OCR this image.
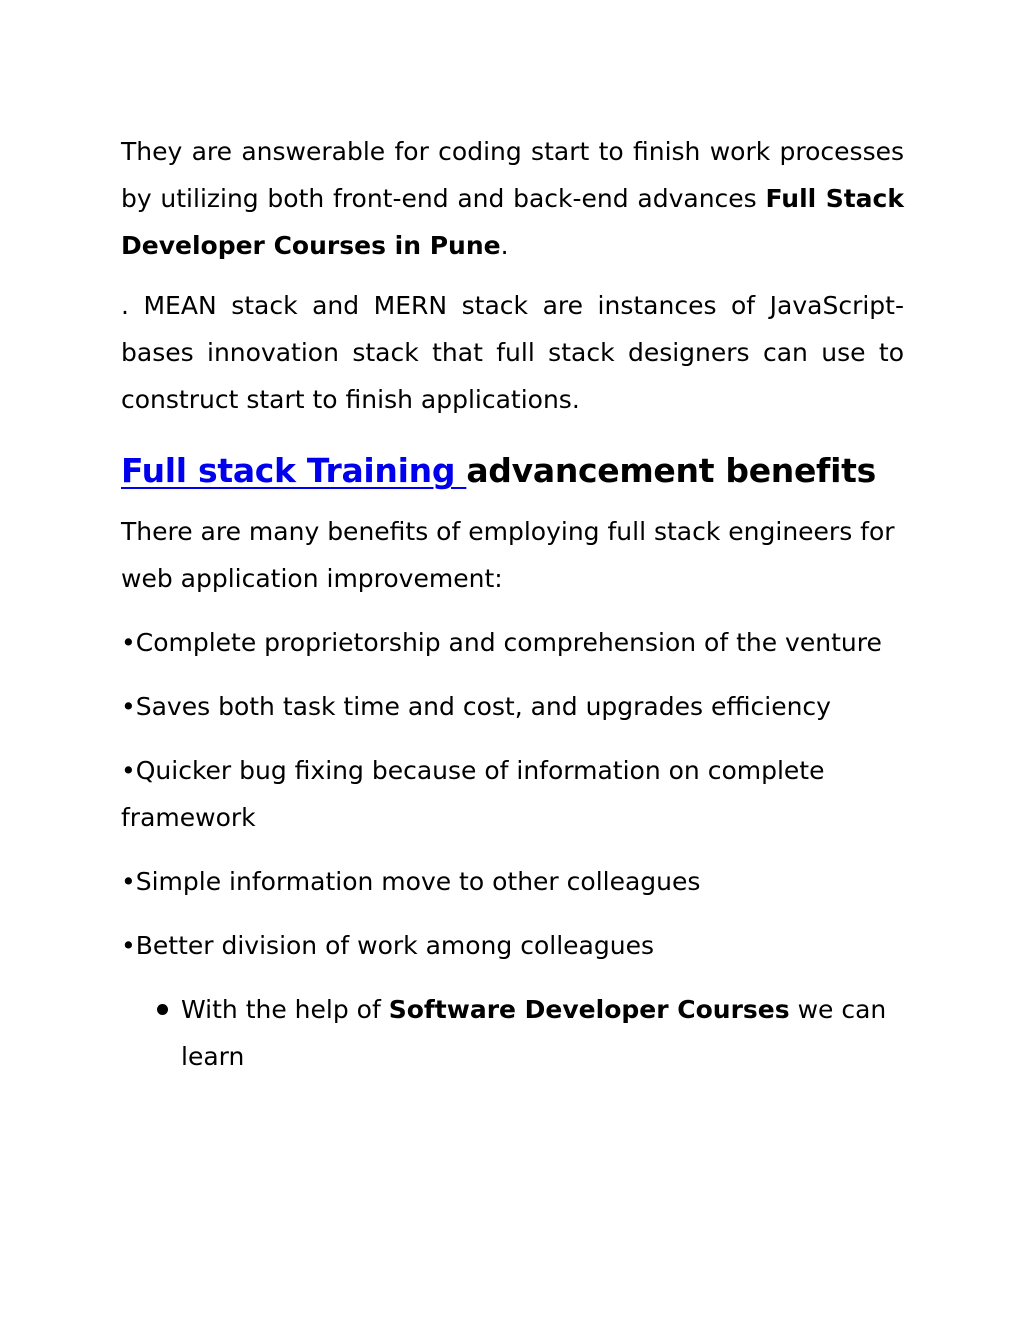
They are answerable for coding start to finish work processes by utilizing both front-end and back-end advances Full Stack Developer Courses in Pune.

. MEAN stack and MERN stack are instances of JavaScript- bases innovation stack that full stack designers can use to construct start to finish applications.

Full stack Training advancement benefits

There are many benefits of employing full stack engineers for web application improvement:

•Complete proprietorship and comprehension of the venture

•Saves both task time and cost, and upgrades efficiency

•Quicker bug fixing because of information on complete framework

•Simple information move to other colleagues

•Better division of work among colleagues

With the help of Software Developer Courses we can learn
